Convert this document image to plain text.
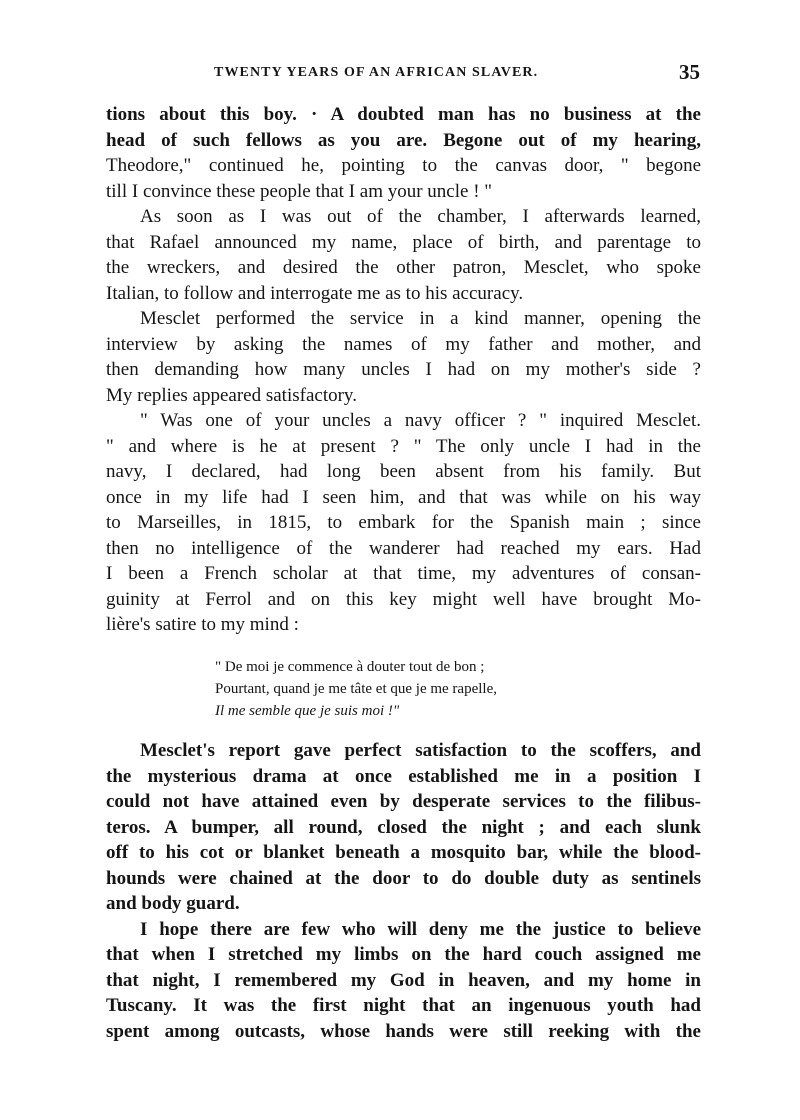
TWENTY YEARS OF AN AFRICAN SLAVER.	35
tions about this boy. · A doubted man has no business at the
head of such fellows as you are. Begone out of my hearing,
Theodore," continued he, pointing to the canvas door, " begone
till I convince these people that I am your uncle ! "
As soon as I was out of the chamber, I afterwards learned,
that Rafael announced my name, place of birth, and parentage to
the wreckers, and desired the other patron, Mesclet, who spoke
Italian, to follow and interrogate me as to his accuracy.
Mesclet performed the service in a kind manner, opening the
interview by asking the names of my father and mother, and
then demanding how many uncles I had on my mother's side ?
My replies appeared satisfactory.
" Was one of your uncles a navy officer ? " inquired Mesclet.
" and where is he at present ? " The only uncle I had in the
navy, I declared, had long been absent from his family. But
once in my life had I seen him, and that was while on his way
to Marseilles, in 1815, to embark for the Spanish main ; since
then no intelligence of the wanderer had reached my ears. Had
I been a French scholar at that time, my adventures of consan-
guinity at Ferrol and on this key might well have brought Mo-
lière's satire to my mind :
" De moi je commence à douter tout de bon ;
Pourtant, quand je me tâte et que je me rapelle,
Il me semble que je suis moi !"
Mesclet's report gave perfect satisfaction to the scoffers, and
the mysterious drama at once established me in a position I
could not have attained even by desperate services to the filibus-
teros. A bumper, all round, closed the night ; and each slunk
off to his cot or blanket beneath a mosquito bar, while the blood-
hounds were chained at the door to do double duty as sentinels
and body guard.
I hope there are few who will deny me the justice to believe
that when I stretched my limbs on the hard couch assigned me
that night, I remembered my God in heaven, and my home in
Tuscany. It was the first night that an ingenuous youth had
spent among outcasts, whose hands were still reeking with the
